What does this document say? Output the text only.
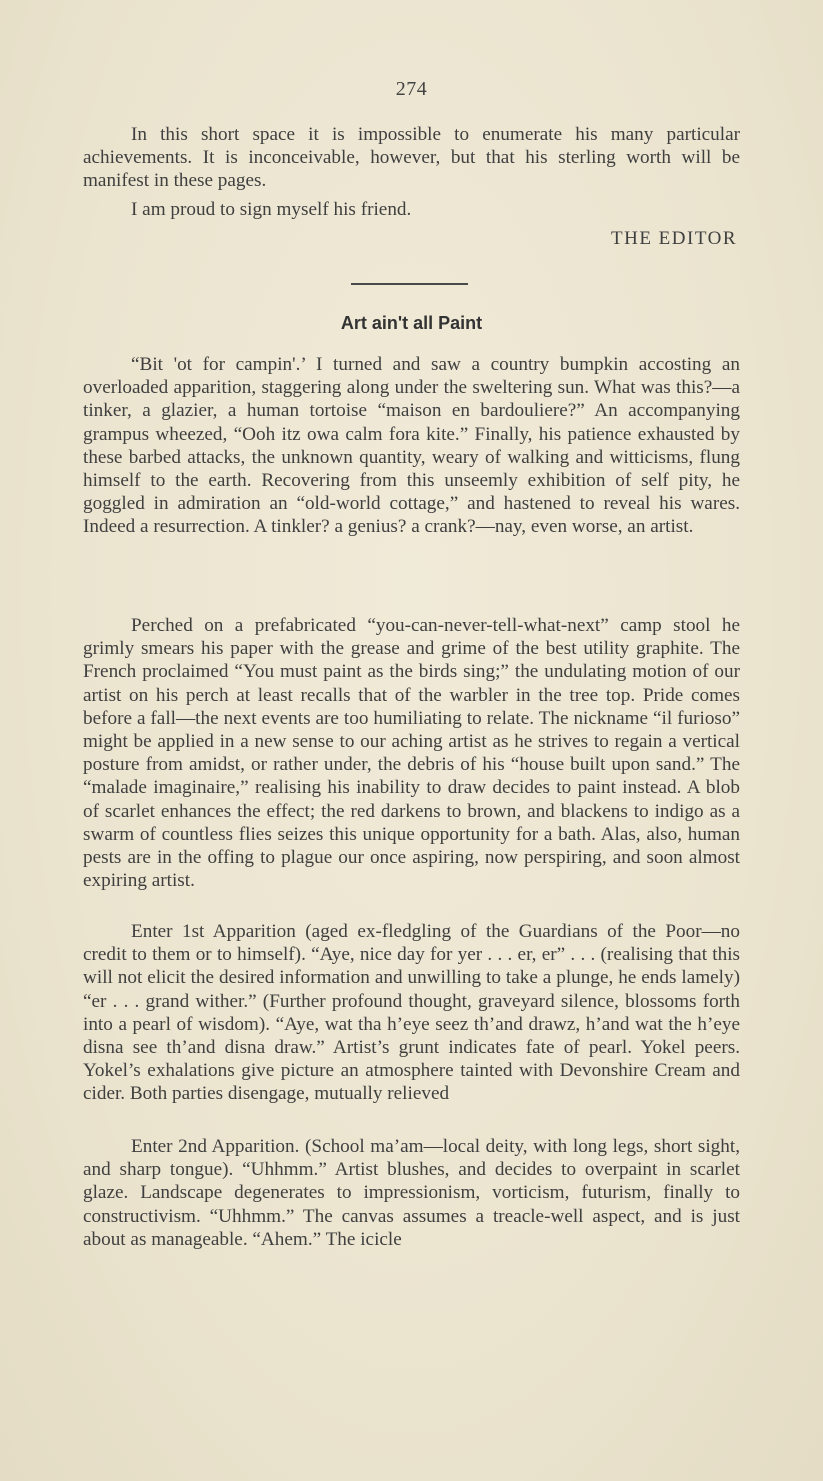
274

In this short space it is impossible to enumerate his many particular achievements. It is inconceivable, however, but that his sterling worth will be manifest in these pages.

I am proud to sign myself his friend.

THE EDITOR
Art ain't all Paint

“Bit 'ot for campin'.’ I turned and saw a country bumpkin accosting an overloaded apparition, staggering along under the sweltering sun. What was this?—a tinker, a glazier, a human tortoise “maison en bardouliere?” An accompanying grampus wheezed, “Ooh itz owa calm fora kite.” Finally, his patience exhausted by these barbed attacks, the unknown quantity, weary of walking and witticisms, flung himself to the earth. Recovering from this unseemly exhibition of self pity, he goggled in admiration an “old-world cottage,” and hastened to reveal his wares. Indeed a resurrection. A tinkler? a genius? a crank?—nay, even worse, an artist.

Perched on a prefabricated “you-can-never-tell-what-next” camp stool he grimly smears his paper with the grease and grime of the best utility graphite. The French proclaimed “You must paint as the birds sing;” the undulating motion of our artist on his perch at least recalls that of the warbler in the tree top. Pride comes before a fall—the next events are too humiliating to relate. The nickname “il furioso” might be applied in a new sense to our aching artist as he strives to regain a vertical posture from amidst, or rather under, the debris of his “house built upon sand.” The “malade imaginaire,” realising his inability to draw decides to paint instead. A blob of scarlet enhances the effect; the red darkens to brown, and blackens to indigo as a swarm of countless flies seizes this unique opportunity for a bath. Alas, also, human pests are in the offing to plague our once aspiring, now perspiring, and soon almost expiring artist.

Enter 1st Apparition (aged ex-fledgling of the Guardians of the Poor—no credit to them or to himself). “Aye, nice day for yer . . . er, er” . . . (realising that this will not elicit the desired information and unwilling to take a plunge, he ends lamely) “er . . . grand wither.” (Further profound thought, graveyard silence, blossoms forth into a pearl of wisdom). “Aye, wat tha h’eye seez th’and drawz, h’and wat the h’eye disna see th’and disna draw.” Artist’s grunt indicates fate of pearl. Yokel peers. Yokel’s exhalations give picture an atmosphere tainted with Devonshire Cream and cider. Both parties disengage, mutually relieved

Enter 2nd Apparition. (School ma’am—local deity, with long legs, short sight, and sharp tongue). “Uhhmm.” Artist blushes, and decides to overpaint in scarlet glaze. Landscape degenerates to impressionism, vorticism, futurism, finally to constructivism. “Uhhmm.” The canvas assumes a treacle-well aspect, and is just about as manageable. “Ahem.” The icicle
